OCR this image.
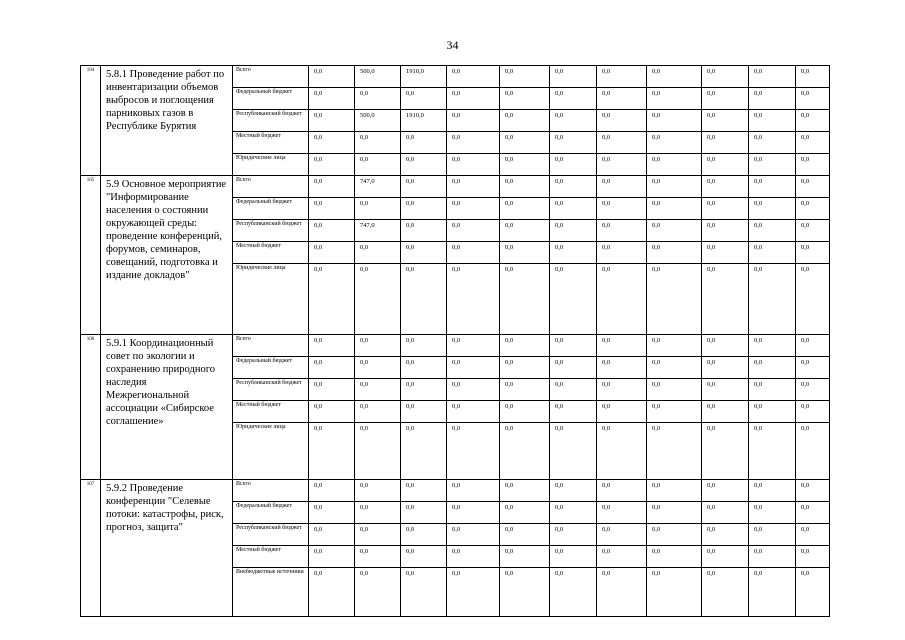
34
104	5.8.1 Проведение работ по инвентаризации объемов выбросов и поглощения парниковых газов в Республике Бурятия	Всего	0,0	500,0	1910,0	0,0	0,0	0,0	0,0	0,0	0,0	0,0	0,0
		Федеральный бюджет	0,0	0,0	0,0	0,0	0,0	0,0	0,0	0,0	0,0	0,0	0,0
		Республиканский бюджет	0,0	500,0	1910,0	0,0	0,0	0,0	0,0	0,0	0,0	0,0	0,0
		Местный бюджет	0,0	0,0	0,0	0,0	0,0	0,0	0,0	0,0	0,0	0,0	0,0
		Юридические лица	0,0	0,0	0,0	0,0	0,0	0,0	0,0	0,0	0,0	0,0	0,0

105	5.9 Основное мероприятие "Информирование населения о состоянии окружающей среды: проведение конференций, форумов, семинаров, совещаний, подготовка и издание докладов"	Всего	0,0	747,0	0,0	0,0	0,0	0,0	0,0	0,0	0,0	0,0	0,0
		Федеральный бюджет	0,0	0,0	0,0	0,0	0,0	0,0	0,0	0,0	0,0	0,0	0,0
		Республиканский бюджет	0,0	747,0	0,0	0,0	0,0	0,0	0,0	0,0	0,0	0,0	0,0
		Местный бюджет	0,0	0,0	0,0	0,0	0,0	0,0	0,0	0,0	0,0	0,0	0,0
		Юридические лица	0,0	0,0	0,0	0,0	0,0	0,0	0,0	0,0	0,0	0,0	0,0

106	5.9.1 Координационный совет по экологии и сохранению природного наследия Межрегиональной ассоциации «Сибирское соглашение»	Всего	0,0	0,0	0,0	0,0	0,0	0,0	0,0	0,0	0,0	0,0	0,0
		Федеральный бюджет	0,0	0,0	0,0	0,0	0,0	0,0	0,0	0,0	0,0	0,0	0,0
		Республиканский бюджет	0,0	0,0	0,0	0,0	0,0	0,0	0,0	0,0	0,0	0,0	0,0
		Местный бюджет	0,0	0,0	0,0	0,0	0,0	0,0	0,0	0,0	0,0	0,0	0,0
		Юридические лица	0,0	0,0	0,0	0,0	0,0	0,0	0,0	0,0	0,0	0,0	0,0

107	5.9.2 Проведение конференции "Селевые потоки: катастрофы, риск, прогноз, защита"	Всего	0,0	0,0	0,0	0,0	0,0	0,0	0,0	0,0	0,0	0,0	0,0
		Федеральный бюджет	0,0	0,0	0,0	0,0	0,0	0,0	0,0	0,0	0,0	0,0	0,0
		Республиканский бюджет	0,0	0,0	0,0	0,0	0,0	0,0	0,0	0,0	0,0	0,0	0,0
		Местный бюджет	0,0	0,0	0,0	0,0	0,0	0,0	0,0	0,0	0,0	0,0	0,0
		Внебюджетные источники	0,0	0,0	0,0	0,0	0,0	0,0	0,0	0,0	0,0	0,0	0,0
